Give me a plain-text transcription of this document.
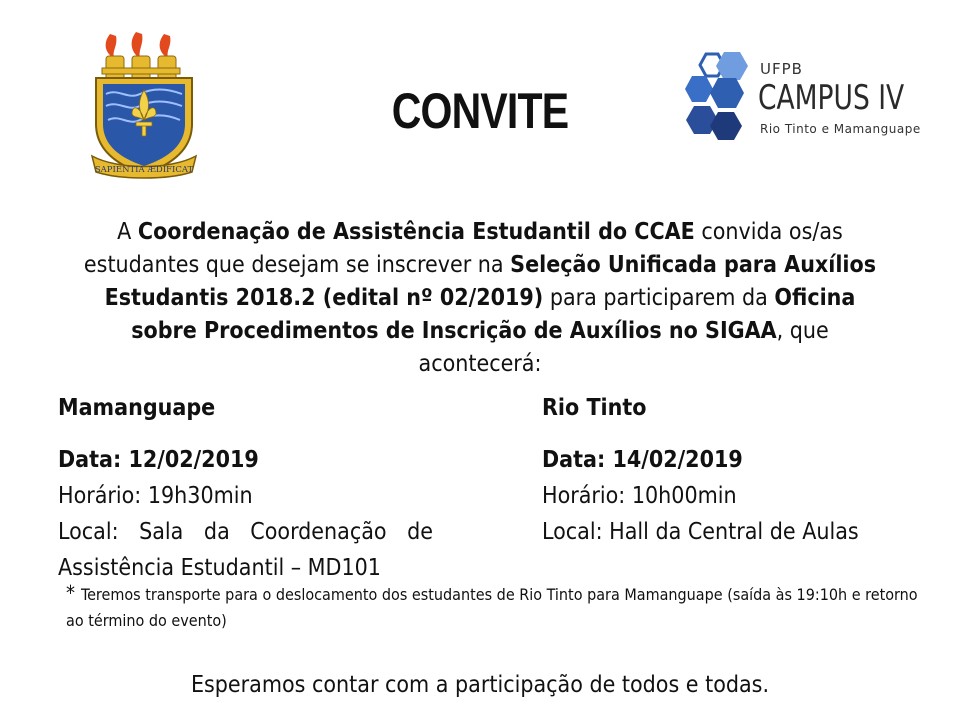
SAPIENTIA ÆDIFICAT
CONVITE
UFPB
CAMPUS IV
Rio Tinto e Mamanguape
A Coordenação de Assistência Estudantil do CCAE convida os/as estudantes que desejam se inscrever na Seleção Unificada para Auxílios Estudantis 2018.2 (edital nº 02/2019) para participarem da Oficina sobre Procedimentos de Inscrição de Auxílios no SIGAA, que acontecerá:
Mamanguape
Data: 12/02/2019
Horário: 19h30min
Local: Sala da Coordenação de
Assistência Estudantil – MD101
Rio Tinto
Data: 14/02/2019
Horário: 10h00min
Local: Hall da Central de Aulas
* Teremos transporte para o deslocamento dos estudantes de Rio Tinto para Mamanguape (saída às 19:10h e retorno ao término do evento)
Esperamos contar com a participação de todos e todas.
